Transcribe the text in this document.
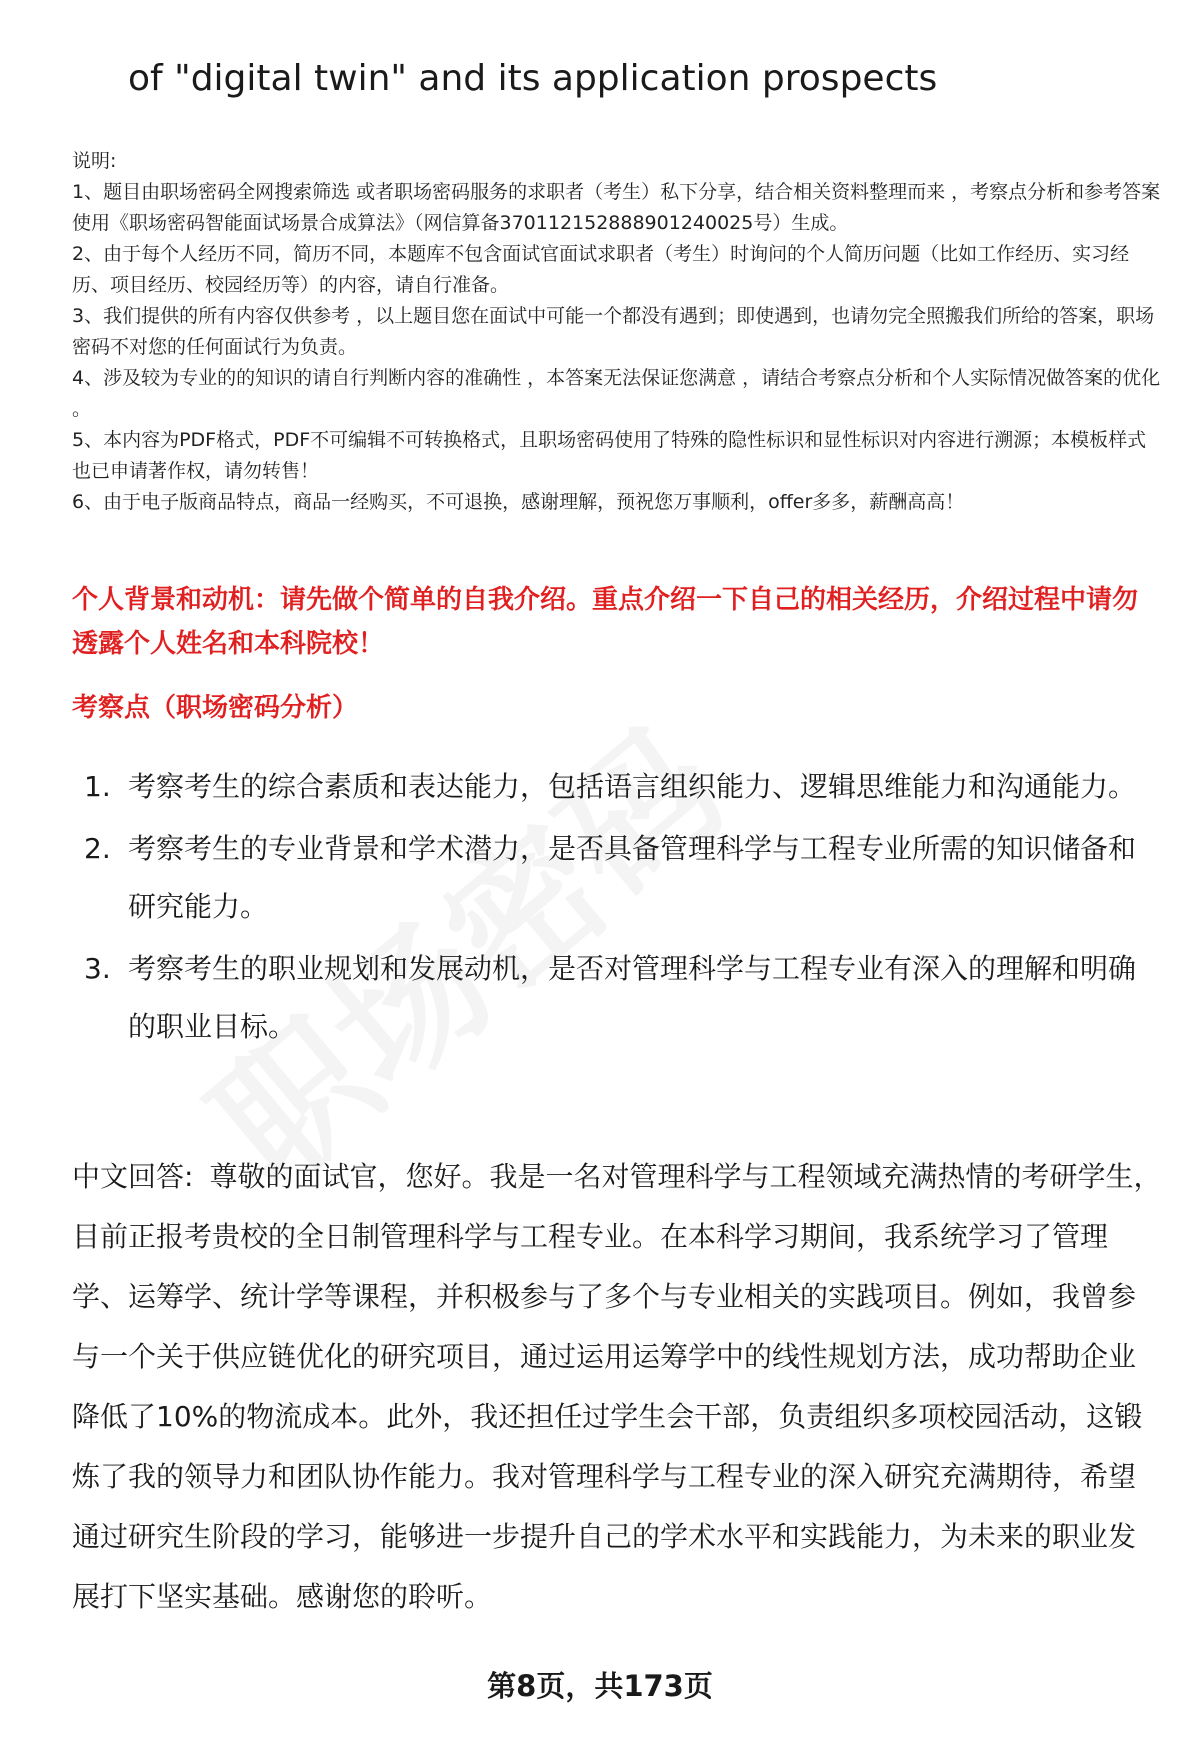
of "digital twin" and its application prospects

说明:

1、题目由职场密码全网搜索筛选 或者职场密码服务的求职者（考生）私下分享，结合相关资料整理而来 ，考察点分析和参考答案使用《职场密码智能面试场景合成算法》（网信算备370112152888901240025号）生成。

2、由于每个人经历不同，简历不同，本题库不包含面试官面试求职者（考生）时询问的个人简历问题（比如工作经历、实习经历、项目经历、校园经历等）的内容，请自行准备。

3、我们提供的所有内容仅供参考 ，以上题目您在面试中可能一个都没有遇到；即使遇到，也请勿完全照搬我们所给的答案，职场密码不对您的任何面试行为负责。

4、涉及较为专业的的知识的请自行判断内容的准确性 ，本答案无法保证您满意 ，请结合考察点分析和个人实际情况做答案的优化 。

5、本内容为PDF格式，PDF不可编辑不可转换格式，且职场密码使用了特殊的隐性标识和显性标识对内容进行溯源；本模板样式也已申请著作权，请勿转售！

6、由于电子版商品特点，商品一经购买，不可退换，感谢理解，预祝您万事顺利，offer多多，薪酬高高！

个人背景和动机：请先做个简单的自我介绍。重点介绍一下自己的相关经历，介绍过程中请勿透露个人姓名和本科院校！
考察点（职场密码分析）
1. 考察考生的综合素质和表达能力，包括语言组织能力、逻辑思维能力和沟通能力。
2. 考察考生的专业背景和学术潜力，是否具备管理科学与工程专业所需的知识储备和研究能力。
3. 考察考生的职业规划和发展动机，是否对管理科学与工程专业有深入的理解和明确的职业目标。
中文回答: 尊敬的面试官，您好。我是一名对管理科学与工程领域充满热情的考研学生，目前正报考贵校的全日制管理科学与工程专业。在本科学习期间，我系统学习了管理学、运筹学、统计学等课程，并积极参与了多个与专业相关的实践项目。例如，我曾参与一个关于供应链优化的研究项目，通过运用运筹学中的线性规划方法，成功帮助企业降低了10%的物流成本。此外，我还担任过学生会干部，负责组织多项校园活动，这锻炼了我的领导力和团队协作能力。我对管理科学与工程专业的深入研究充满期待，希望通过研究生阶段的学习，能够进一步提升自己的学术水平和实践能力，为未来的职业发展打下坚实基础。感谢您的聆听。
第8页，共173页
